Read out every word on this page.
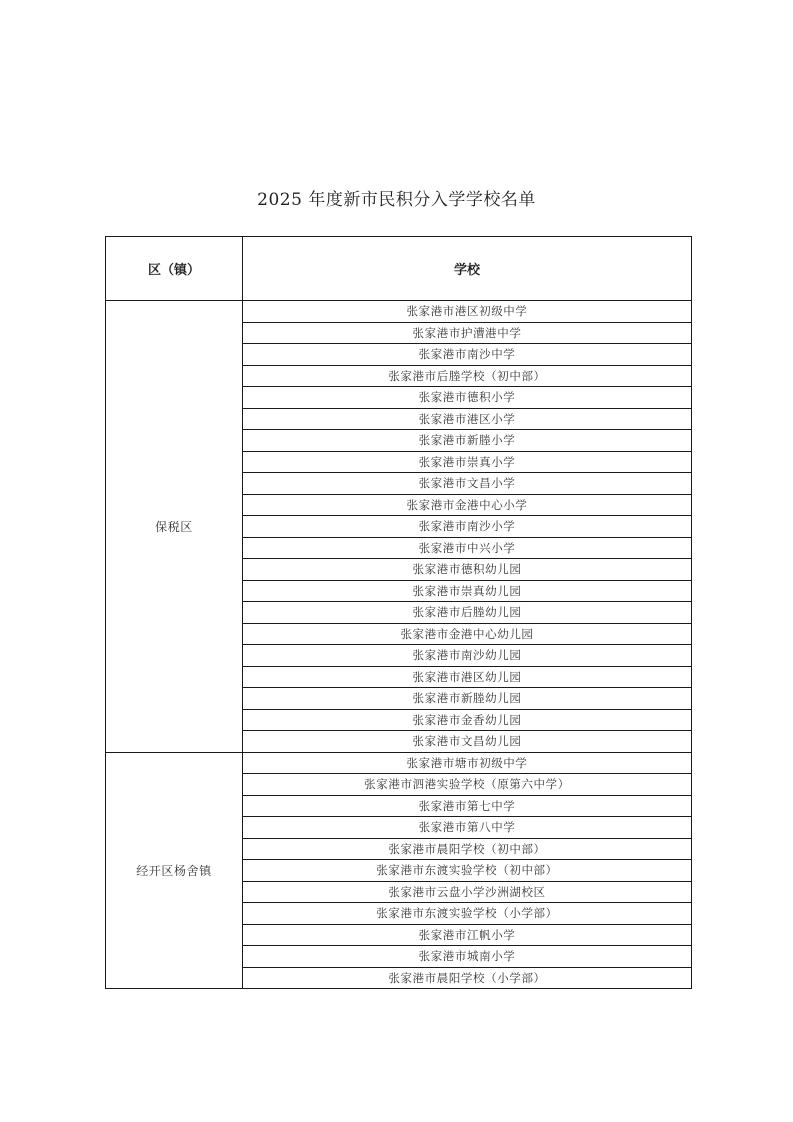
2025 年度新市民积分入学学校名单
区（镇）	学校
保税区	张家港市港区初级中学
	张家港市护漕港中学
	张家港市南沙中学
	张家港市后塍学校（初中部）
	张家港市德积小学
	张家港市港区小学
	张家港市新塍小学
	张家港市崇真小学
	张家港市文昌小学
	张家港市金港中心小学
	张家港市南沙小学
	张家港市中兴小学
	张家港市德积幼儿园
	张家港市崇真幼儿园
	张家港市后塍幼儿园
	张家港市金港中心幼儿园
	张家港市南沙幼儿园
	张家港市港区幼儿园
	张家港市新塍幼儿园
	张家港市金香幼儿园
	张家港市文昌幼儿园
经开区杨舍镇	张家港市塘市初级中学
	张家港市泗港实验学校（原第六中学）
	张家港市第七中学
	张家港市第八中学
	张家港市晨阳学校（初中部）
	张家港市东渡实验学校（初中部）
	张家港市云盘小学沙洲湖校区
	张家港市东渡实验学校（小学部）
	张家港市江帆小学
	张家港市城南小学
	张家港市晨阳学校（小学部）
